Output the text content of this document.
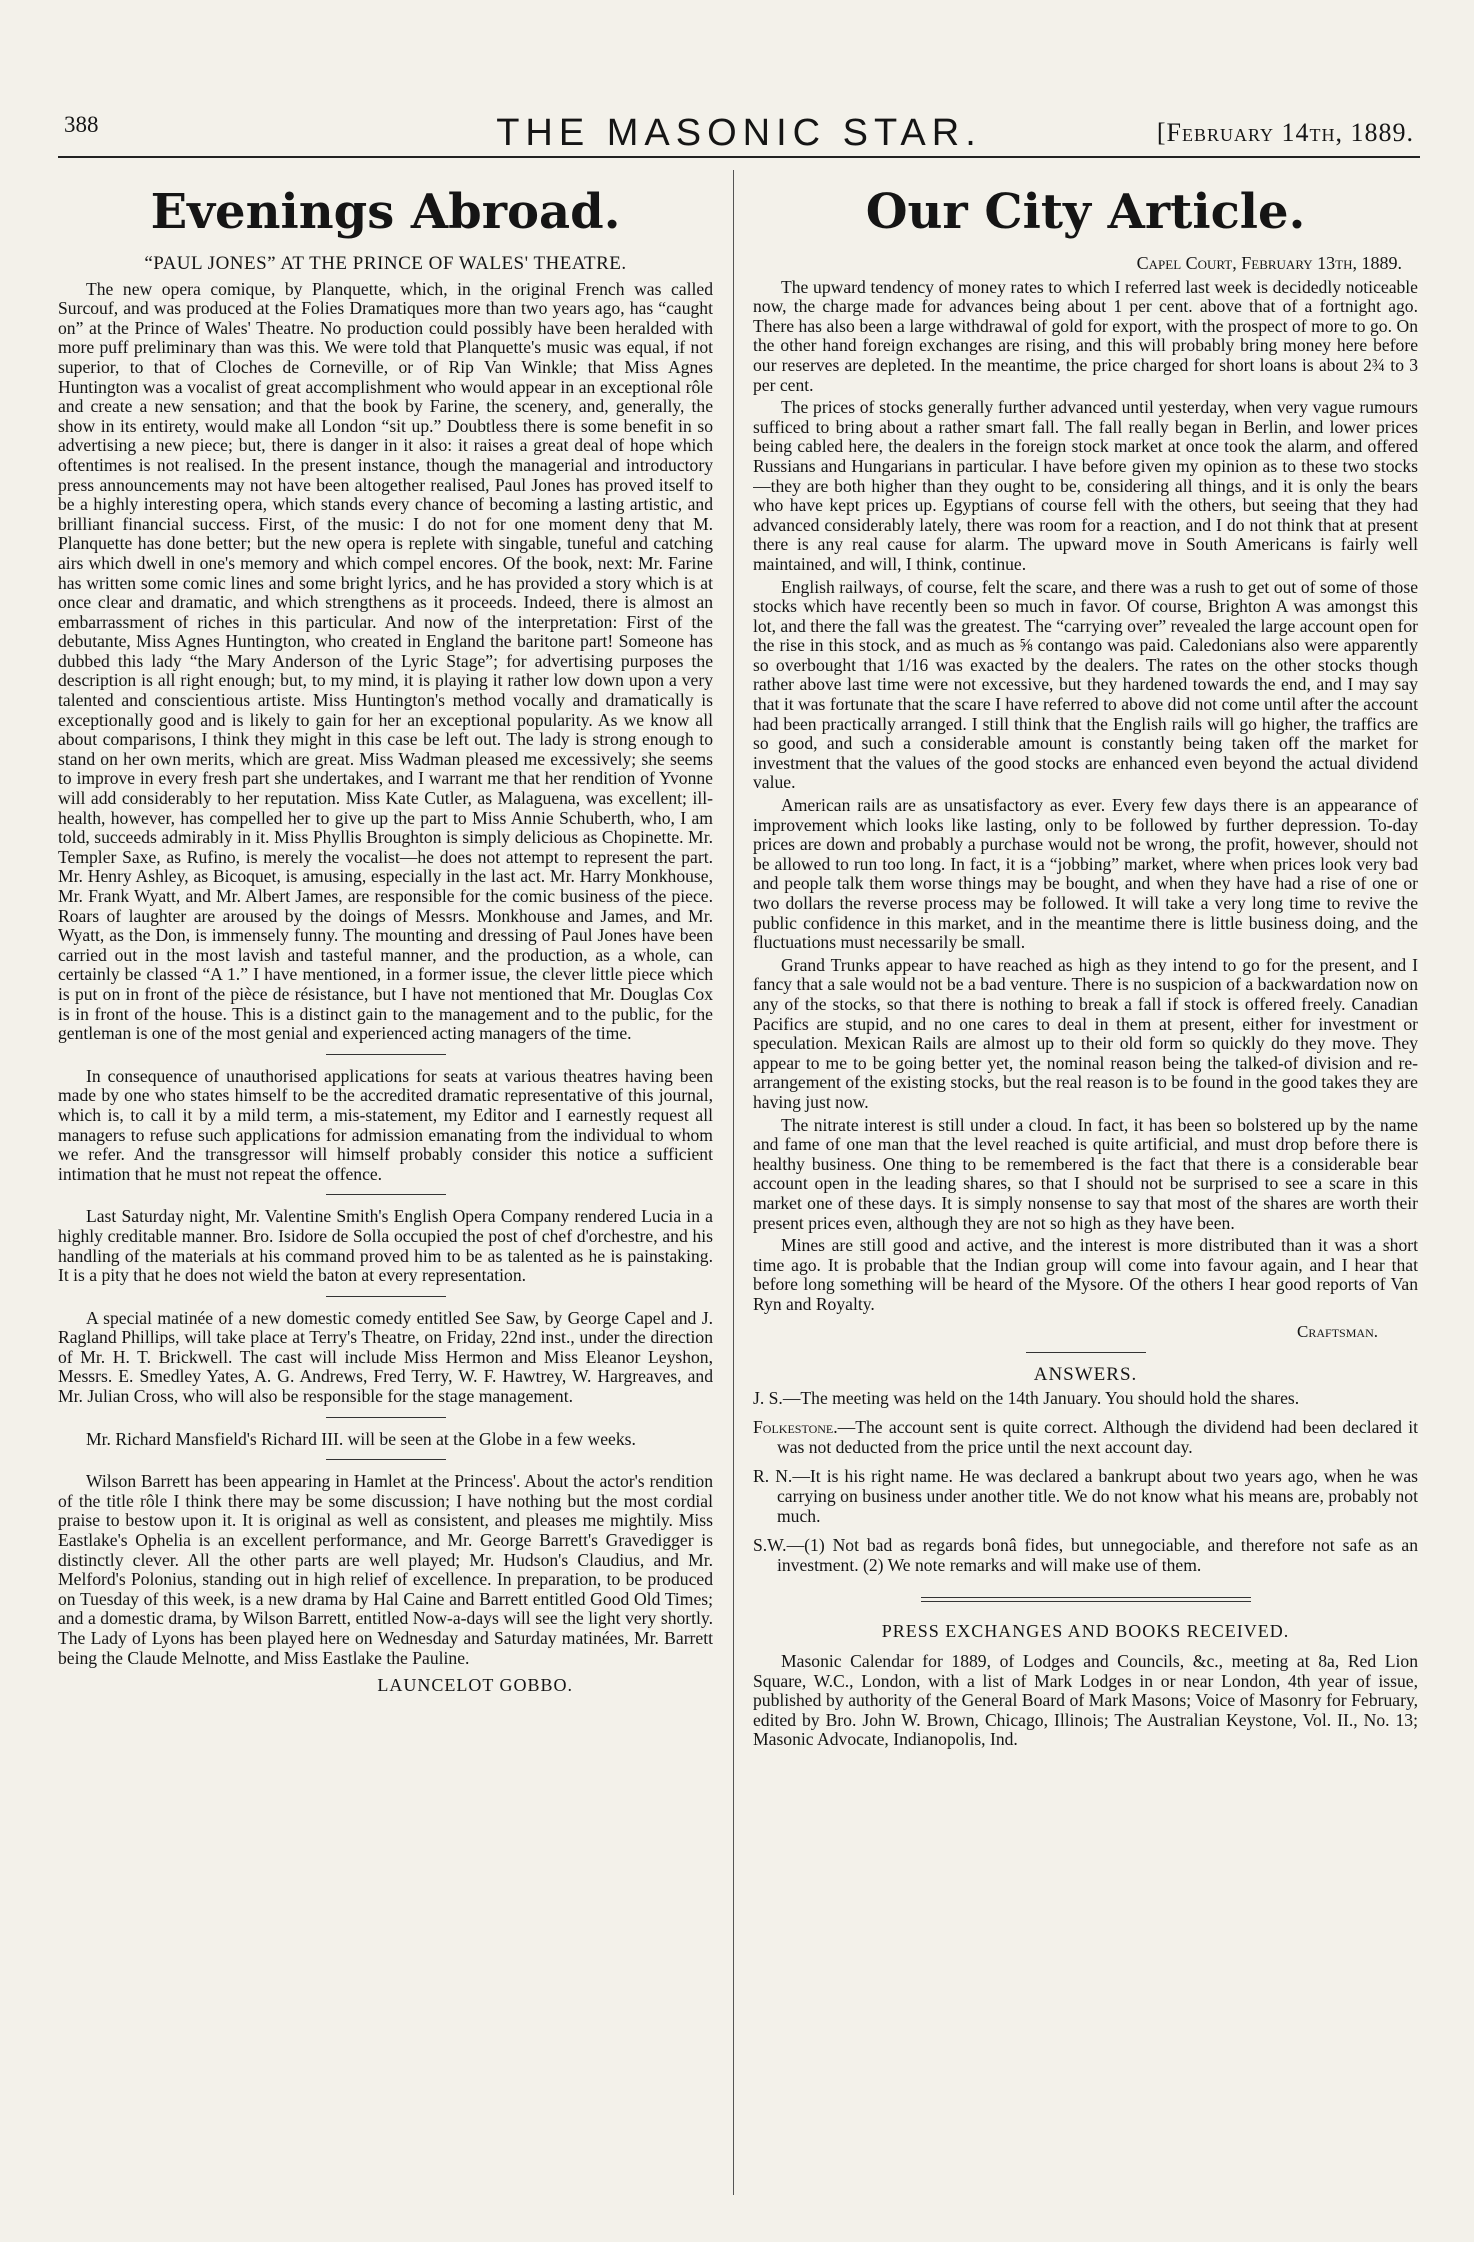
388	THE MASONIC STAR.	[February 14th, 1889.
Evenings Abroad.
“PAUL JONES” AT THE PRINCE OF WALES' THEATRE.

The new opera comique, by Planquette, which, in the original French was called Surcouf, and was produced at the Folies Dramatiques more than two years ago, has “caught on” at the Prince of Wales' Theatre. No production could possibly have been heralded with more puff preliminary than was this. We were told that Planquette's music was equal, if not superior, to that of Cloches de Corneville, or of Rip Van Winkle; that Miss Agnes Huntington was a vocalist of great accomplishment who would appear in an exceptional rôle and create a new sensation; and that the book by Farine, the scenery, and, generally, the show in its entirety, would make all London “sit up.” Doubtless there is some benefit in so advertising a new piece; but, there is danger in it also: it raises a great deal of hope which oftentimes is not realised. In the present instance, though the managerial and introductory press announcements may not have been altogether realised, Paul Jones has proved itself to be a highly interesting opera, which stands every chance of becoming a lasting artistic, and brilliant financial success. First, of the music: I do not for one moment deny that M. Planquette has done better; but the new opera is replete with singable, tuneful and catching airs which dwell in one's memory and which compel encores. Of the book, next: Mr. Farine has written some comic lines and some bright lyrics, and he has provided a story which is at once clear and dramatic, and which strengthens as it proceeds. Indeed, there is almost an embarrassment of riches in this particular. And now of the interpretation: First of the debutante, Miss Agnes Huntington, who created in England the baritone part! Someone has dubbed this lady “the Mary Anderson of the Lyric Stage”; for advertising purposes the description is all right enough; but, to my mind, it is playing it rather low down upon a very talented and conscientious artiste. Miss Huntington's method vocally and dramatically is exceptionally good and is likely to gain for her an exceptional popularity. As we know all about comparisons, I think they might in this case be left out. The lady is strong enough to stand on her own merits, which are great. Miss Wadman pleased me excessively; she seems to improve in every fresh part she undertakes, and I warrant me that her rendition of Yvonne will add considerably to her reputation. Miss Kate Cutler, as Malaguena, was excellent; ill-health, however, has compelled her to give up the part to Miss Annie Schuberth, who, I am told, succeeds admirably in it. Miss Phyllis Broughton is simply delicious as Chopinette. Mr. Templer Saxe, as Rufino, is merely the vocalist—he does not attempt to represent the part. Mr. Henry Ashley, as Bicoquet, is amusing, especially in the last act. Mr. Harry Monkhouse, Mr. Frank Wyatt, and Mr. Albert James, are responsible for the comic business of the piece. Roars of laughter are aroused by the doings of Messrs. Monkhouse and James, and Mr. Wyatt, as the Don, is immensely funny. The mounting and dressing of Paul Jones have been carried out in the most lavish and tasteful manner, and the production, as a whole, can certainly be classed “A 1.” I have mentioned, in a former issue, the clever little piece which is put on in front of the pièce de résistance, but I have not mentioned that Mr. Douglas Cox is in front of the house. This is a distinct gain to the management and to the public, for the gentleman is one of the most genial and experienced acting managers of the time.

In consequence of unauthorised applications for seats at various theatres having been made by one who states himself to be the accredited dramatic representative of this journal, which is, to call it by a mild term, a mis-statement, my Editor and I earnestly request all managers to refuse such applications for admission emanating from the individual to whom we refer. And the transgressor will himself probably consider this notice a sufficient intimation that he must not repeat the offence.

Last Saturday night, Mr. Valentine Smith's English Opera Company rendered Lucia in a highly creditable manner. Bro. Isidore de Solla occupied the post of chef d'orchestre, and his handling of the materials at his command proved him to be as talented as he is painstaking. It is a pity that he does not wield the baton at every representation.

A special matinée of a new domestic comedy entitled See Saw, by George Capel and J. Ragland Phillips, will take place at Terry's Theatre, on Friday, 22nd inst., under the direction of Mr. H. T. Brickwell. The cast will include Miss Hermon and Miss Eleanor Leyshon, Messrs. E. Smedley Yates, A. G. Andrews, Fred Terry, W. F. Hawtrey, W. Hargreaves, and Mr. Julian Cross, who will also be responsible for the stage management.

Mr. Richard Mansfield's Richard III. will be seen at the Globe in a few weeks.

Wilson Barrett has been appearing in Hamlet at the Princess'. About the actor's rendition of the title rôle I think there may be some discussion; I have nothing but the most cordial praise to bestow upon it. It is original as well as consistent, and pleases me mightily. Miss Eastlake's Ophelia is an excellent performance, and Mr. George Barrett's Gravedigger is distinctly clever. All the other parts are well played; Mr. Hudson's Claudius, and Mr. Melford's Polonius, standing out in high relief of excellence. In preparation, to be produced on Tuesday of this week, is a new drama by Hal Caine and Barrett entitled Good Old Times; and a domestic drama, by Wilson Barrett, entitled Now-a-days will see the light very shortly. The Lady of Lyons has been played here on Wednesday and Saturday matinées, Mr. Barrett being the Claude Melnotte, and Miss Eastlake the Pauline.

LAUNCELOT GOBBO.
Our City Article.
Capel Court, February 13th, 1889.

The upward tendency of money rates to which I referred last week is decidedly noticeable now, the charge made for advances being about 1 per cent. above that of a fortnight ago. There has also been a large withdrawal of gold for export, with the prospect of more to go. On the other hand foreign exchanges are rising, and this will probably bring money here before our reserves are depleted. In the meantime, the price charged for short loans is about 2¾ to 3 per cent.

The prices of stocks generally further advanced until yesterday, when very vague rumours sufficed to bring about a rather smart fall. The fall really began in Berlin, and lower prices being cabled here, the dealers in the foreign stock market at once took the alarm, and offered Russians and Hungarians in particular. I have before given my opinion as to these two stocks—they are both higher than they ought to be, considering all things, and it is only the bears who have kept prices up. Egyptians of course fell with the others, but seeing that they had advanced considerably lately, there was room for a reaction, and I do not think that at present there is any real cause for alarm. The upward move in South Americans is fairly well maintained, and will, I think, continue.

English railways, of course, felt the scare, and there was a rush to get out of some of those stocks which have recently been so much in favor. Of course, Brighton A was amongst this lot, and there the fall was the greatest. The “carrying over” revealed the large account open for the rise in this stock, and as much as ⅝ contango was paid. Caledonians also were apparently so overbought that 1/16 was exacted by the dealers. The rates on the other stocks though rather above last time were not excessive, but they hardened towards the end, and I may say that it was fortunate that the scare I have referred to above did not come until after the account had been practically arranged. I still think that the English rails will go higher, the traffics are so good, and such a considerable amount is constantly being taken off the market for investment that the values of the good stocks are enhanced even beyond the actual dividend value.

American rails are as unsatisfactory as ever. Every few days there is an appearance of improvement which looks like lasting, only to be followed by further depression. To-day prices are down and probably a purchase would not be wrong, the profit, however, should not be allowed to run too long. In fact, it is a “jobbing” market, where when prices look very bad and people talk them worse things may be bought, and when they have had a rise of one or two dollars the reverse process may be followed. It will take a very long time to revive the public confidence in this market, and in the meantime there is little business doing, and the fluctuations must necessarily be small.

Grand Trunks appear to have reached as high as they intend to go for the present, and I fancy that a sale would not be a bad venture. There is no suspicion of a backwardation now on any of the stocks, so that there is nothing to break a fall if stock is offered freely. Canadian Pacifics are stupid, and no one cares to deal in them at present, either for investment or speculation. Mexican Rails are almost up to their old form so quickly do they move. They appear to me to be going better yet, the nominal reason being the talked-of division and re-arrangement of the existing stocks, but the real reason is to be found in the good takes they are having just now.

The nitrate interest is still under a cloud. In fact, it has been so bolstered up by the name and fame of one man that the level reached is quite artificial, and must drop before there is healthy business. One thing to be remembered is the fact that there is a considerable bear account open in the leading shares, so that I should not be surprised to see a scare in this market one of these days. It is simply nonsense to say that most of the shares are worth their present prices even, although they are not so high as they have been.

Mines are still good and active, and the interest is more distributed than it was a short time ago. It is probable that the Indian group will come into favour again, and I hear that before long something will be heard of the Mysore. Of the others I hear good reports of Van Ryn and Royalty.

Craftsman.
ANSWERS.
J. S.—The meeting was held on the 14th January. You should hold the shares.
Folkestone.—The account sent is quite correct. Although the dividend had been declared it was not deducted from the price until the next account day.
R. N.—It is his right name. He was declared a bankrupt about two years ago, when he was carrying on business under another title. We do not know what his means are, probably not much.
S.W.—(1) Not bad as regards bonâ fides, but unnegociable, and therefore not safe as an investment. (2) We note remarks and will make use of them.
PRESS EXCHANGES AND BOOKS RECEIVED.

Masonic Calendar for 1889, of Lodges and Councils, &c., meeting at 8a, Red Lion Square, W.C., London, with a list of Mark Lodges in or near London, 4th year of issue, published by authority of the General Board of Mark Masons; Voice of Masonry for February, edited by Bro. John W. Brown, Chicago, Illinois; The Australian Keystone, Vol. II., No. 13; Masonic Advocate, Indianopolis, Ind.
